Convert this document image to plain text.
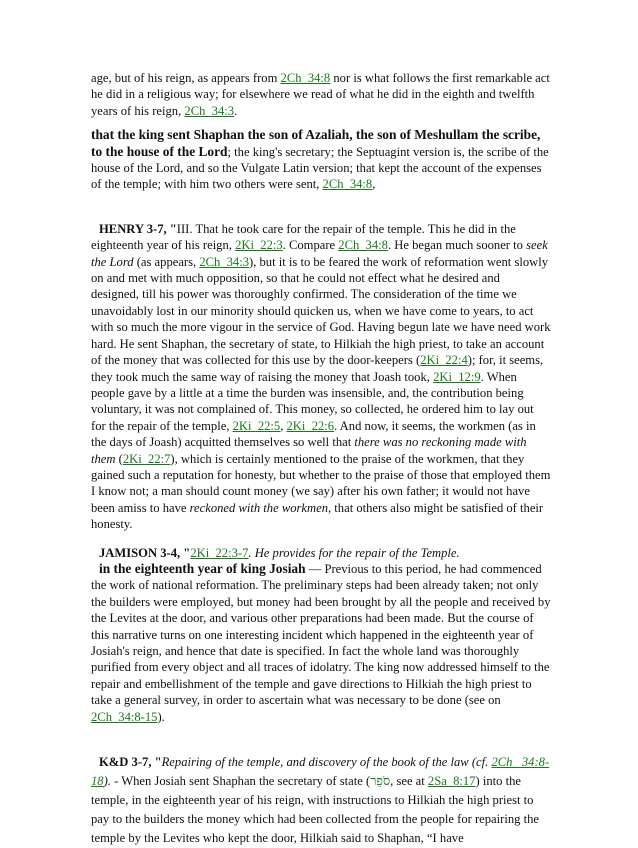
age, but of his reign, as appears from 2Ch_34:8 nor is what follows the first remarkable act he did in a religious way; for elsewhere we read of what he did in the eighth and twelfth years of his reign, 2Ch_34:3.

that the king sent Shaphan the son of Azaliah, the son of Meshullam the scribe, to the house of the Lord; the king's secretary; the Septuagint version is, the scribe of the house of the Lord, and so the Vulgate Latin version; that kept the account of the expenses of the temple; with him two others were sent, 2Ch_34:8,

HENRY 3-7, "III. That he took care for the repair of the temple. This he did in the eighteenth year of his reign, 2Ki_22:3. Compare 2Ch_34:8. He began much sooner to seek the Lord (as appears, 2Ch_34:3), but it is to be feared the work of reformation went slowly on and met with much opposition, so that he could not effect what he desired and designed, till his power was thoroughly confirmed. The consideration of the time we unavoidably lost in our minority should quicken us, when we have come to years, to act with so much the more vigour in the service of God. Having begun late we have need work hard. He sent Shaphan, the secretary of state, to Hilkiah the high priest, to take an account of the money that was collected for this use by the door-keepers (2Ki_22:4); for, it seems, they took much the same way of raising the money that Joash took, 2Ki_12:9. When people gave by a little at a time the burden was insensible, and, the contribution being voluntary, it was not complained of. This money, so collected, he ordered him to lay out for the repair of the temple, 2Ki_22:5, 2Ki_22:6. And now, it seems, the workmen (as in the days of Joash) acquitted themselves so well that there was no reckoning made with them (2Ki_22:7), which is certainly mentioned to the praise of the workmen, that they gained such a reputation for honesty, but whether to the praise of those that employed them I know not; a man should count money (we say) after his own father; it would not have been amiss to have reckoned with the workmen, that others also might be satisfied of their honesty.

JAMISON 3-4, "2Ki_22:3-7. He provides for the repair of the Temple.

in the eighteenth year of king Josiah — Previous to this period, he had commenced the work of national reformation. The preliminary steps had been already taken; not only the builders were employed, but money had been brought by all the people and received by the Levites at the door, and various other preparations had been made. But the course of this narrative turns on one interesting incident which happened in the eighteenth year of Josiah's reign, and hence that date is specified. In fact the whole land was thoroughly purified from every object and all traces of idolatry. The king now addressed himself to the repair and embellishment of the temple and gave directions to Hilkiah the high priest to take a general survey, in order to ascertain what was necessary to be done (see on 2Ch_34:8-15).

K&D 3-7, "Repairing of the temple, and discovery of the book of the law (cf. 2Ch_ 34:8-18). - When Josiah sent Shaphan the secretary of state (סֹפֵר, see at 2Sa_8:17) into the temple, in the eighteenth year of his reign, with instructions to Hilkiah the high priest to pay to the builders the money which had been collected from the people for repairing the temple by the Levites who kept the door, Hilkiah said to Shaphan, “I have
